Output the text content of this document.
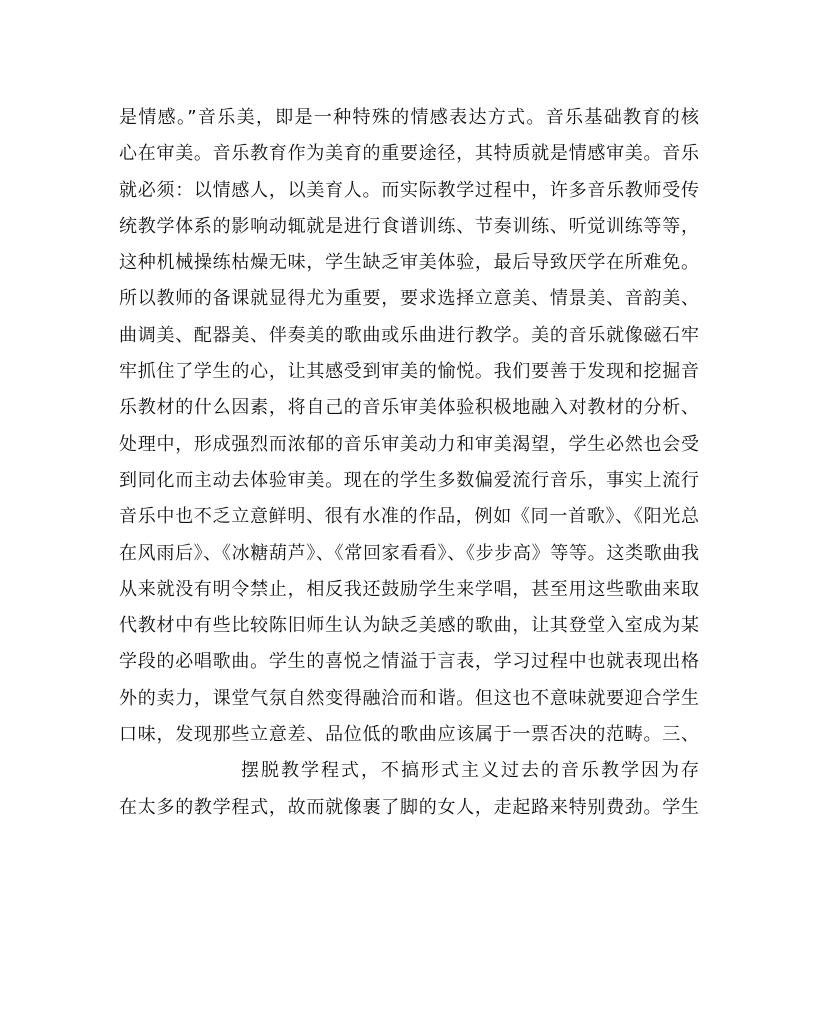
是情感。”音乐美，即是一种特殊的情感表达方式。音乐基础教育的核
心在审美。音乐教育作为美育的重要途径，其特质就是情感审美。音乐
就必须：以情感人，以美育人。而实际教学过程中，许多音乐教师受传
统教学体系的影响动辄就是进行食谱训练、节奏训练、听觉训练等等，
这种机械操练枯燥无味，学生缺乏审美体验，最后导致厌学在所难免。
所以教师的备课就显得尤为重要，要求选择立意美、情景美、音韵美、
曲调美、配器美、伴奏美的歌曲或乐曲进行教学。美的音乐就像磁石牢
牢抓住了学生的心，让其感受到审美的愉悦。我们要善于发现和挖掘音
乐教材的什么因素，将自己的音乐审美体验积极地融入对教材的分析、
处理中，形成强烈而浓郁的音乐审美动力和审美渴望，学生必然也会受
到同化而主动去体验审美。现在的学生多数偏爱流行音乐，事实上流行
音乐中也不乏立意鲜明、很有水准的作品，例如《同一首歌》、《阳光总
在风雨后》、《冰糖葫芦》、《常回家看看》、《步步高》等等。这类歌曲我
从来就没有明令禁止，相反我还鼓励学生来学唱，甚至用这些歌曲来取
代教材中有些比较陈旧师生认为缺乏美感的歌曲，让其登堂入室成为某
学段的必唱歌曲。学生的喜悦之情溢于言表，学习过程中也就表现出格
外的卖力，课堂气氛自然变得融洽而和谐。但这也不意味就要迎合学生
口味，发现那些立意差、品位低的歌曲应该属于一票否决的范畴。三、
摆脱教学程式，不搞形式主义过去的音乐教学因为存
在太多的教学程式，故而就像裹了脚的女人，走起路来特别费劲。学生
